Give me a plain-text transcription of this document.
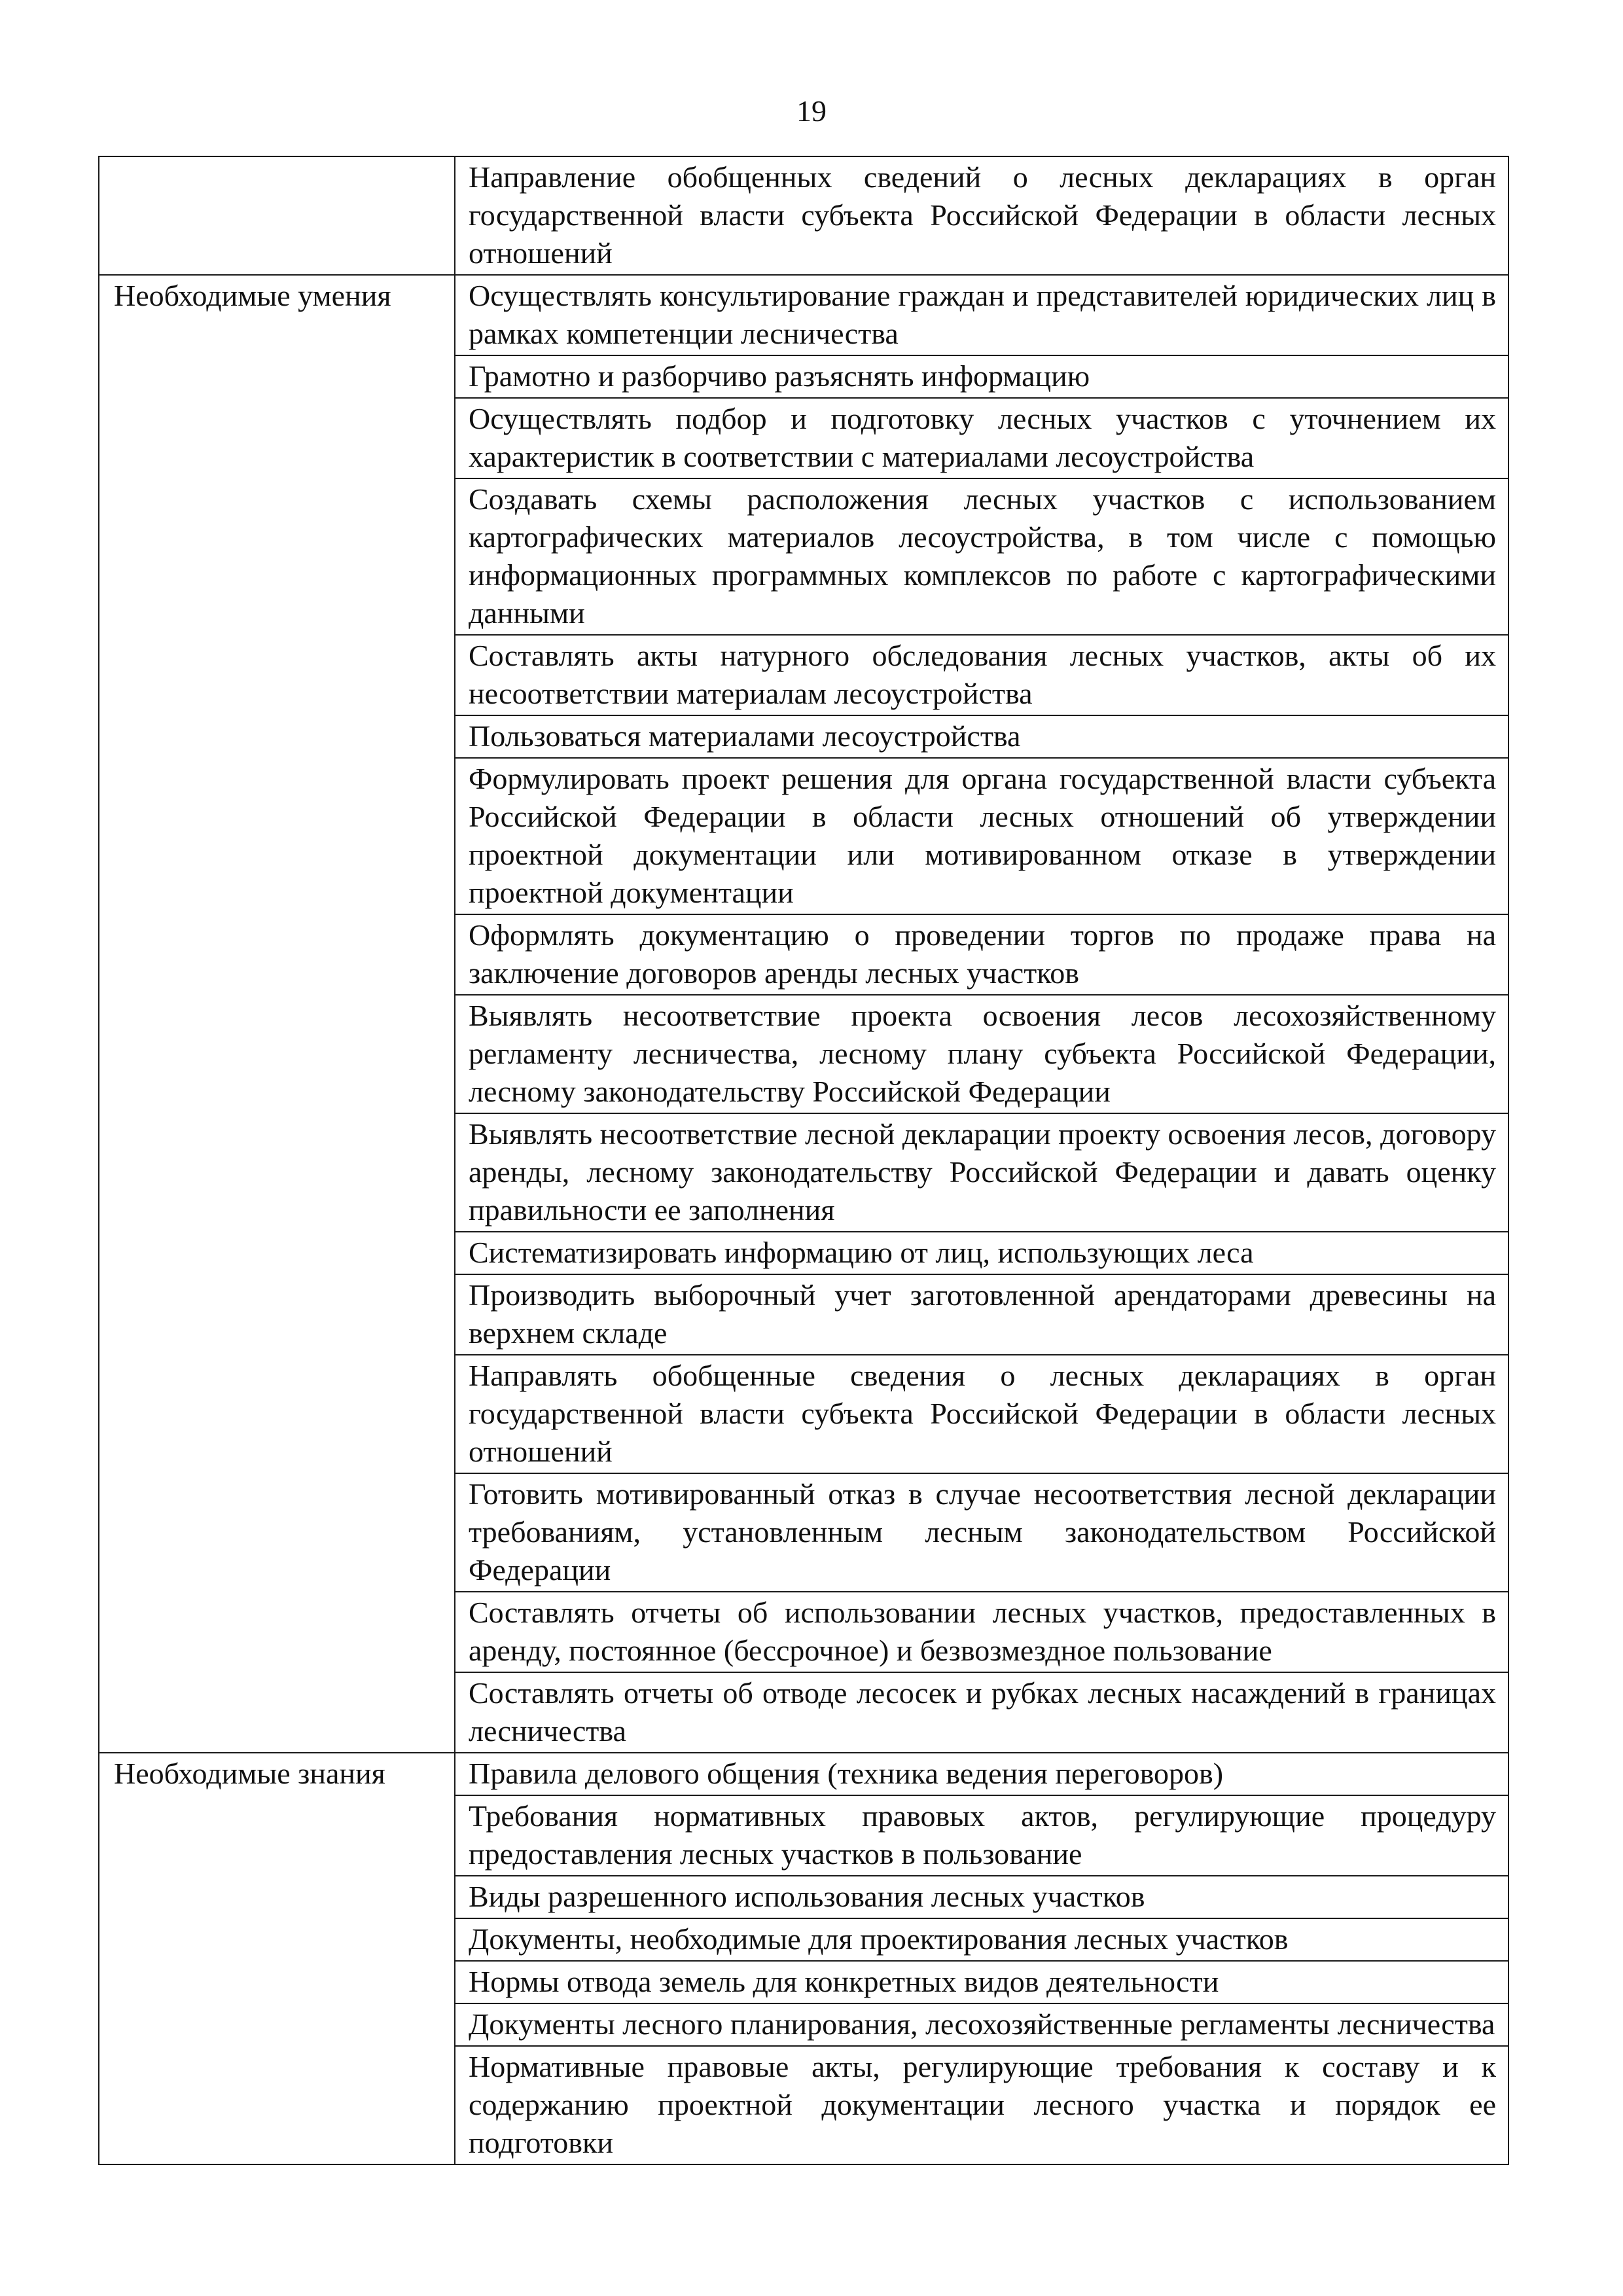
19
	Направление обобщенных сведений о лесных декларациях в орган государственной власти субъекта Российской Федерации в области лесных отношений
Необходимые умения	Осуществлять консультирование граждан и представителей юридических лиц в рамках компетенции лесничества
	Грамотно и разборчиво разъяснять информацию
	Осуществлять подбор и подготовку лесных участков с уточнением их характеристик в соответствии с материалами лесоустройства
	Создавать схемы расположения лесных участков с использованием картографических материалов лесоустройства, в том числе с помощью информационных программных комплексов по работе с картографическими данными
	Составлять акты натурного обследования лесных участков, акты об их несоответствии материалам лесоустройства
	Пользоваться материалами лесоустройства
	Формулировать проект решения для органа государственной власти субъекта Российской Федерации в области лесных отношений об утверждении проектной документации или мотивированном отказе в утверждении проектной документации
	Оформлять документацию о проведении торгов по продаже права на заключение договоров аренды лесных участков
	Выявлять несоответствие проекта освоения лесов лесохозяйственному регламенту лесничества, лесному плану субъекта Российской Федерации, лесному законодательству Российской Федерации
	Выявлять несоответствие лесной декларации проекту освоения лесов, договору аренды, лесному законодательству Российской Федерации и давать оценку правильности ее заполнения
	Систематизировать информацию от лиц, использующих леса
	Производить выборочный учет заготовленной арендаторами древесины на верхнем складе
	Направлять обобщенные сведения о лесных декларациях в орган государственной власти субъекта Российской Федерации в области лесных отношений
	Готовить мотивированный отказ в случае несоответствия лесной декларации требованиям, установленным лесным законодательством Российской Федерации
	Составлять отчеты об использовании лесных участков, предоставленных в аренду, постоянное (бессрочное) и безвозмездное пользование
	Составлять отчеты об отводе лесосек и рубках лесных насаждений в границах лесничества
Необходимые знания	Правила делового общения (техника ведения переговоров)
	Требования нормативных правовых актов, регулирующие процедуру предоставления лесных участков в пользование
	Виды разрешенного использования лесных участков
	Документы, необходимые для проектирования лесных участков
	Нормы отвода земель для конкретных видов деятельности
	Документы лесного планирования, лесохозяйственные регламенты лесничества
	Нормативные правовые акты, регулирующие требования к составу и к содержанию проектной документации лесного участка и порядок ее подготовки
